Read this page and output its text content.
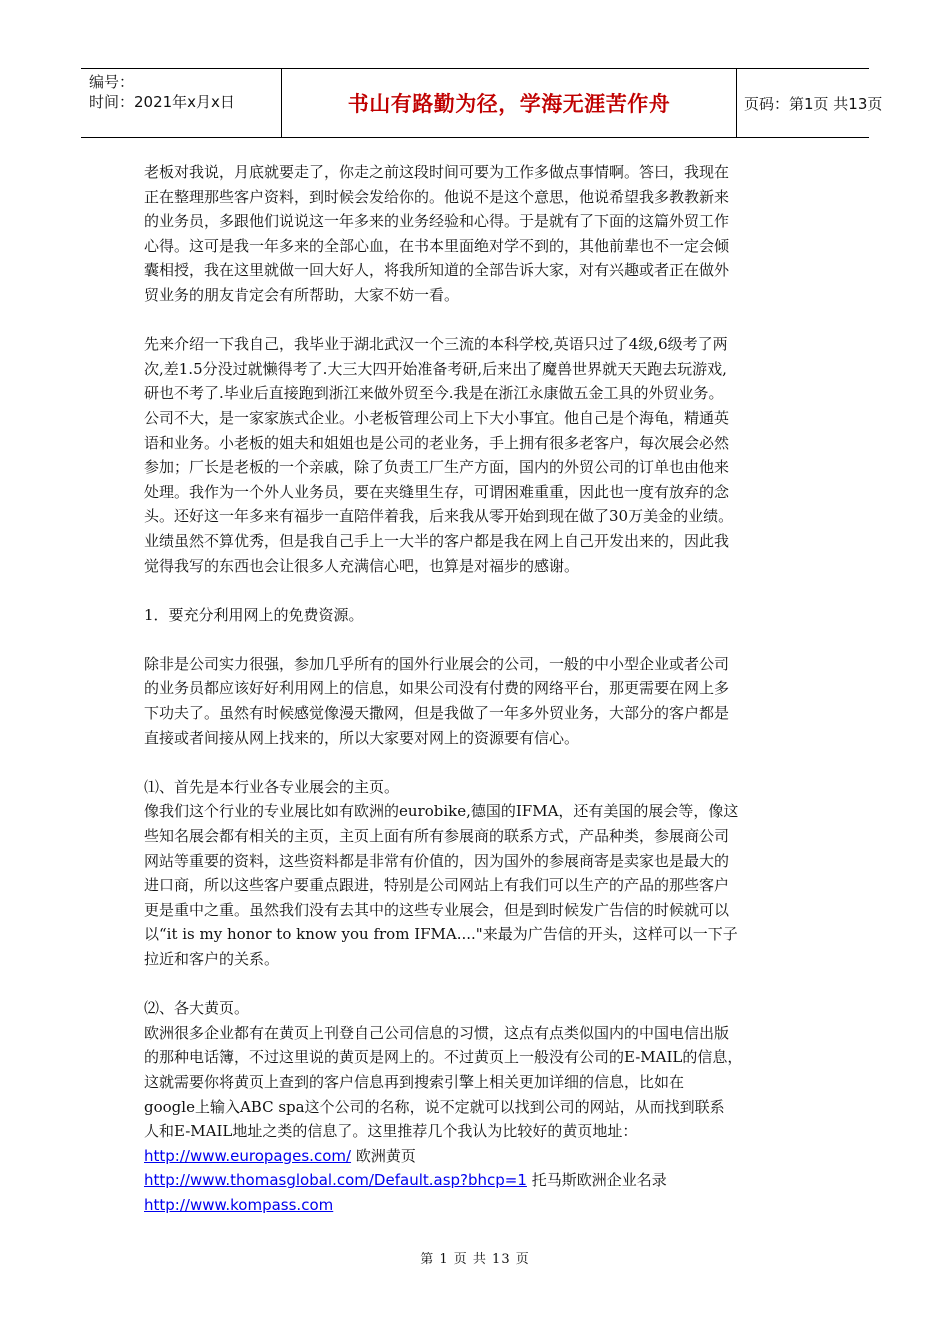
编号：
时间：2021年x月x日	书山有路勤为径，学海无涯苦作舟	页码：第1页 共13页

老板对我说，月底就要走了，你走之前这段时间可要为工作多做点事情啊。答曰，我现在
正在整理那些客户资料，到时候会发给你的。他说不是这个意思，他说希望我多教教新来
的业务员，多跟他们说说这一年多来的业务经验和心得。于是就有了下面的这篇外贸工作
心得。这可是我一年多来的全部心血，在书本里面绝对学不到的，其他前辈也不一定会倾
囊相授，我在这里就做一回大好人，将我所知道的全部告诉大家，对有兴趣或者正在做外
贸业务的朋友肯定会有所帮助，大家不妨一看。

先来介绍一下我自己，我毕业于湖北武汉一个三流的本科学校,英语只过了4级,6级考了两
次,差1.5分没过就懒得考了.大三大四开始准备考研,后来出了魔兽世界就天天跑去玩游戏,
研也不考了.毕业后直接跑到浙江来做外贸至今.我是在浙江永康做五金工具的外贸业务。
公司不大，是一家家族式企业。小老板管理公司上下大小事宜。他自己是个海龟，精通英
语和业务。小老板的姐夫和姐姐也是公司的老业务，手上拥有很多老客户，每次展会必然
参加；厂长是老板的一个亲戚，除了负责工厂生产方面，国内的外贸公司的订单也由他来
处理。我作为一个外人业务员，要在夹缝里生存，可谓困难重重，因此也一度有放弃的念
头。还好这一年多来有福步一直陪伴着我，后来我从零开始到现在做了30万美金的业绩。
业绩虽然不算优秀，但是我自己手上一大半的客户都是我在网上自己开发出来的，因此我
觉得我写的东西也会让很多人充满信心吧，也算是对福步的感谢。

1．要充分利用网上的免费资源。

除非是公司实力很强，参加几乎所有的国外行业展会的公司，一般的中小型企业或者公司
的业务员都应该好好利用网上的信息，如果公司没有付费的网络平台，那更需要在网上多
下功夫了。虽然有时候感觉像漫天撒网，但是我做了一年多外贸业务，大部分的客户都是
直接或者间接从网上找来的，所以大家要对网上的资源要有信心。

⑴、首先是本行业各专业展会的主页。
像我们这个行业的专业展比如有欧洲的eurobike,德国的IFMA，还有美国的展会等，像这
些知名展会都有相关的主页，主页上面有所有参展商的联系方式，产品种类，参展商公司
网站等重要的资料，这些资料都是非常有价值的，因为国外的参展商寄是卖家也是最大的
进口商，所以这些客户要重点跟进，特别是公司网站上有我们可以生产的产品的那些客户
更是重中之重。虽然我们没有去其中的这些专业展会，但是到时候发广告信的时候就可以
以“it is my honor to know you from IFMA...."来最为广告信的开头，这样可以一下子
拉近和客户的关系。

⑵、各大黄页。
欧洲很多企业都有在黄页上刊登自己公司信息的习惯，这点有点类似国内的中国电信出版
的那种电话簿，不过这里说的黄页是网上的。不过黄页上一般没有公司的E-MAIL的信息，
这就需要你将黄页上查到的客户信息再到搜索引擎上相关更加详细的信息，比如在
google上输入ABC spa这个公司的名称，说不定就可以找到公司的网站，从而找到联系
人和E-MAIL地址之类的信息了。这里推荐几个我认为比较好的黄页地址：
http://www.europages.com/ 欧洲黄页
http://www.thomasglobal.com/Default.asp?bhcp=1 托马斯欧洲企业名录
http://www.kompass.com

第 1 页 共 13 页
